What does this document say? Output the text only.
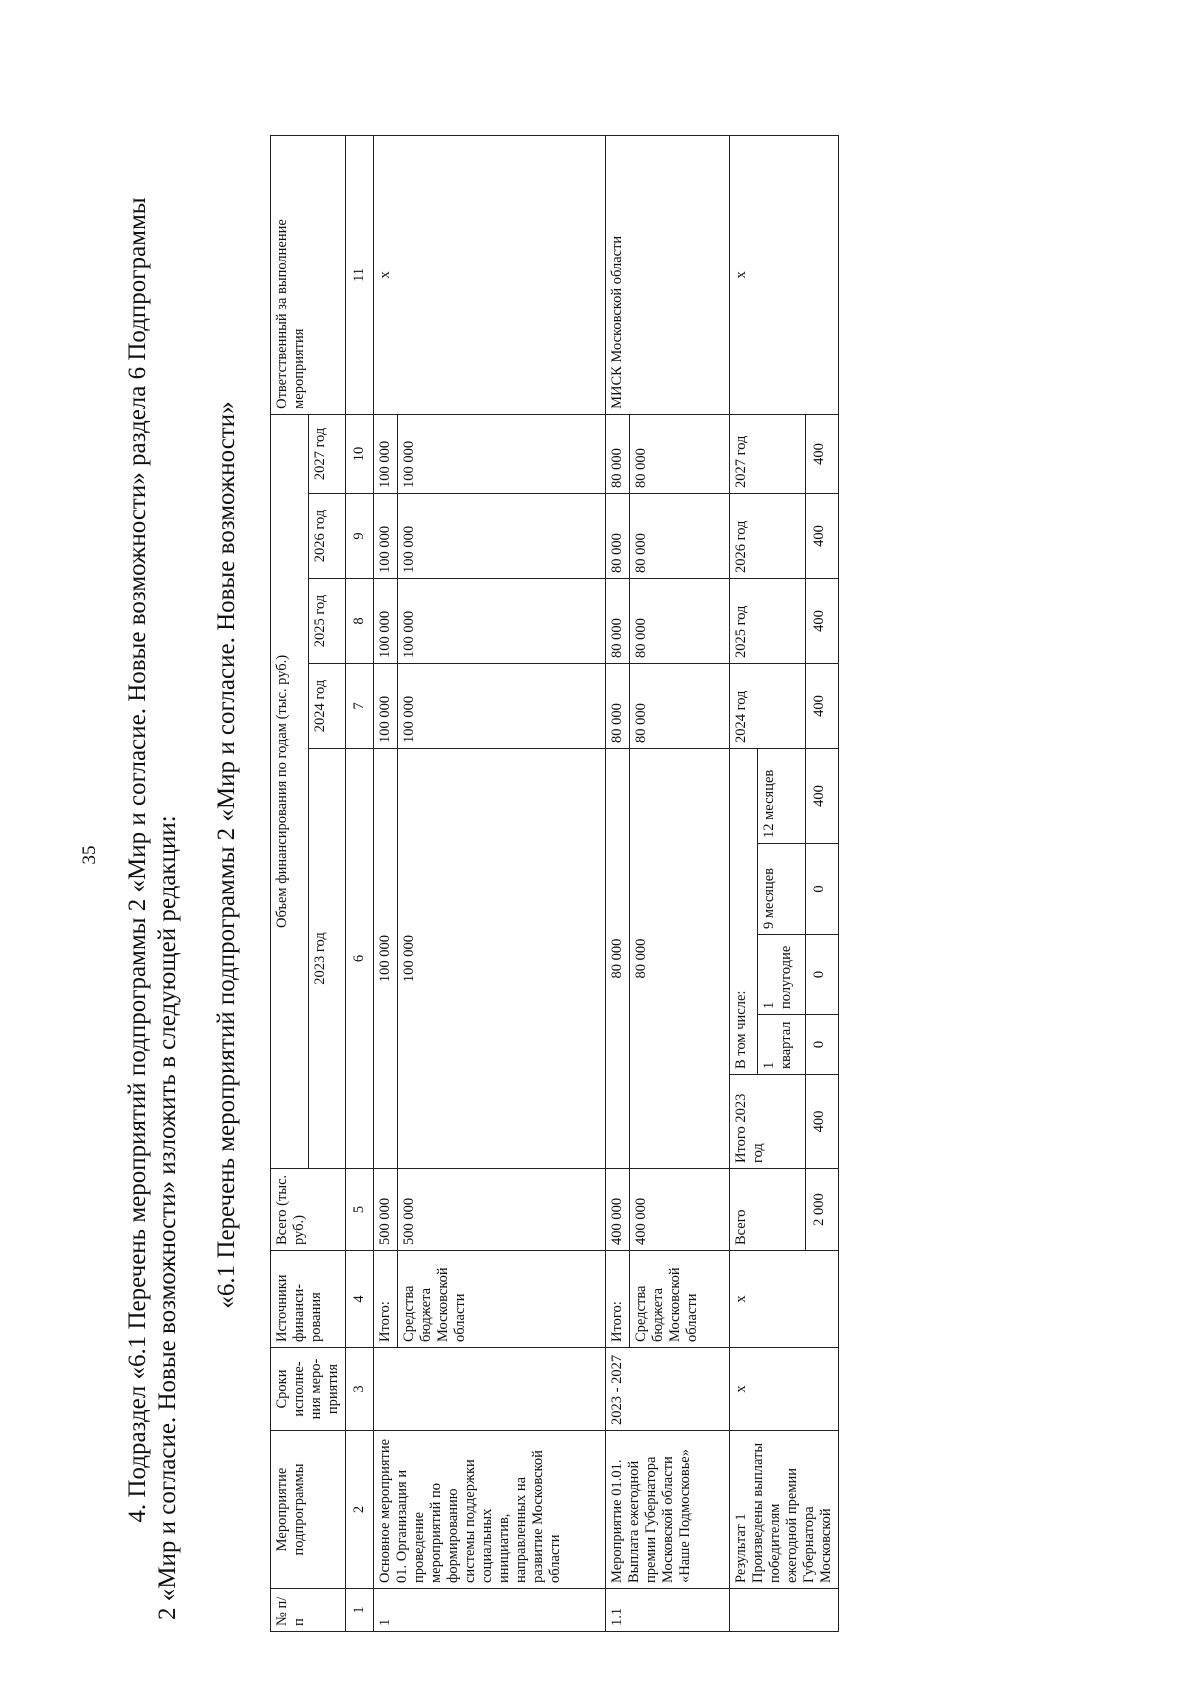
35 4. Подраздел «6.1 Перечень мероприятий подпрограммы 2 «Мир и согласие. Новые возможности» раздела 6 Подпрограммы 2 «Мир и согласие. Новые возможности» изложить в следующей редакции: «6.1 Перечень мероприятий подпрограммы 2 «Мир и согласие. Новые возможности»
№ п/п	Мероприятие подпрограммы	Сроки исполне-ния меро-приятия	Источники финанси-рования	Всего (тыс. руб.)	Объем финансирования по годам (тыс. руб.)									Ответственный за выполнение мероприятия
					2023 год					2024 год	2025 год	2026 год	2027 год	
1	2	3	4	5	6					7	8	9	10	11
1	Основное мероприятие 01. Организация и проведение мероприятий по формированию системы поддержки социальных инициатив, направленных на развитие Московской области		Итого:	500 000	100 000					100 000	100 000	100 000	100 000	х
			Средства бюджета Московской области	500 000	100 000					100 000	100 000	100 000	100 000	
1.1	Мероприятие 01.01. Выплата ежегодной премии Губернатора Московской области «Наше Подмосковье»	2023 - 2027	Итого:	400 000	80 000					80 000	80 000	80 000	80 000	МИСК Московской области
			Средства бюджета Московской области	400 000	80 000					80 000	80 000	80 000	80 000	
	Результат 1 Произведены выплаты победителям ежегодной премии Губернатора Московской	х	х	Всего	Итого 2023 год	В том числе:				2024 год	2025 год	2026 год	2027 год	х
						1 квартал	1 полугодие	9 месяцев	12 месяцев					
				2 000	400	0	0	0	400	400	400	400	400	
